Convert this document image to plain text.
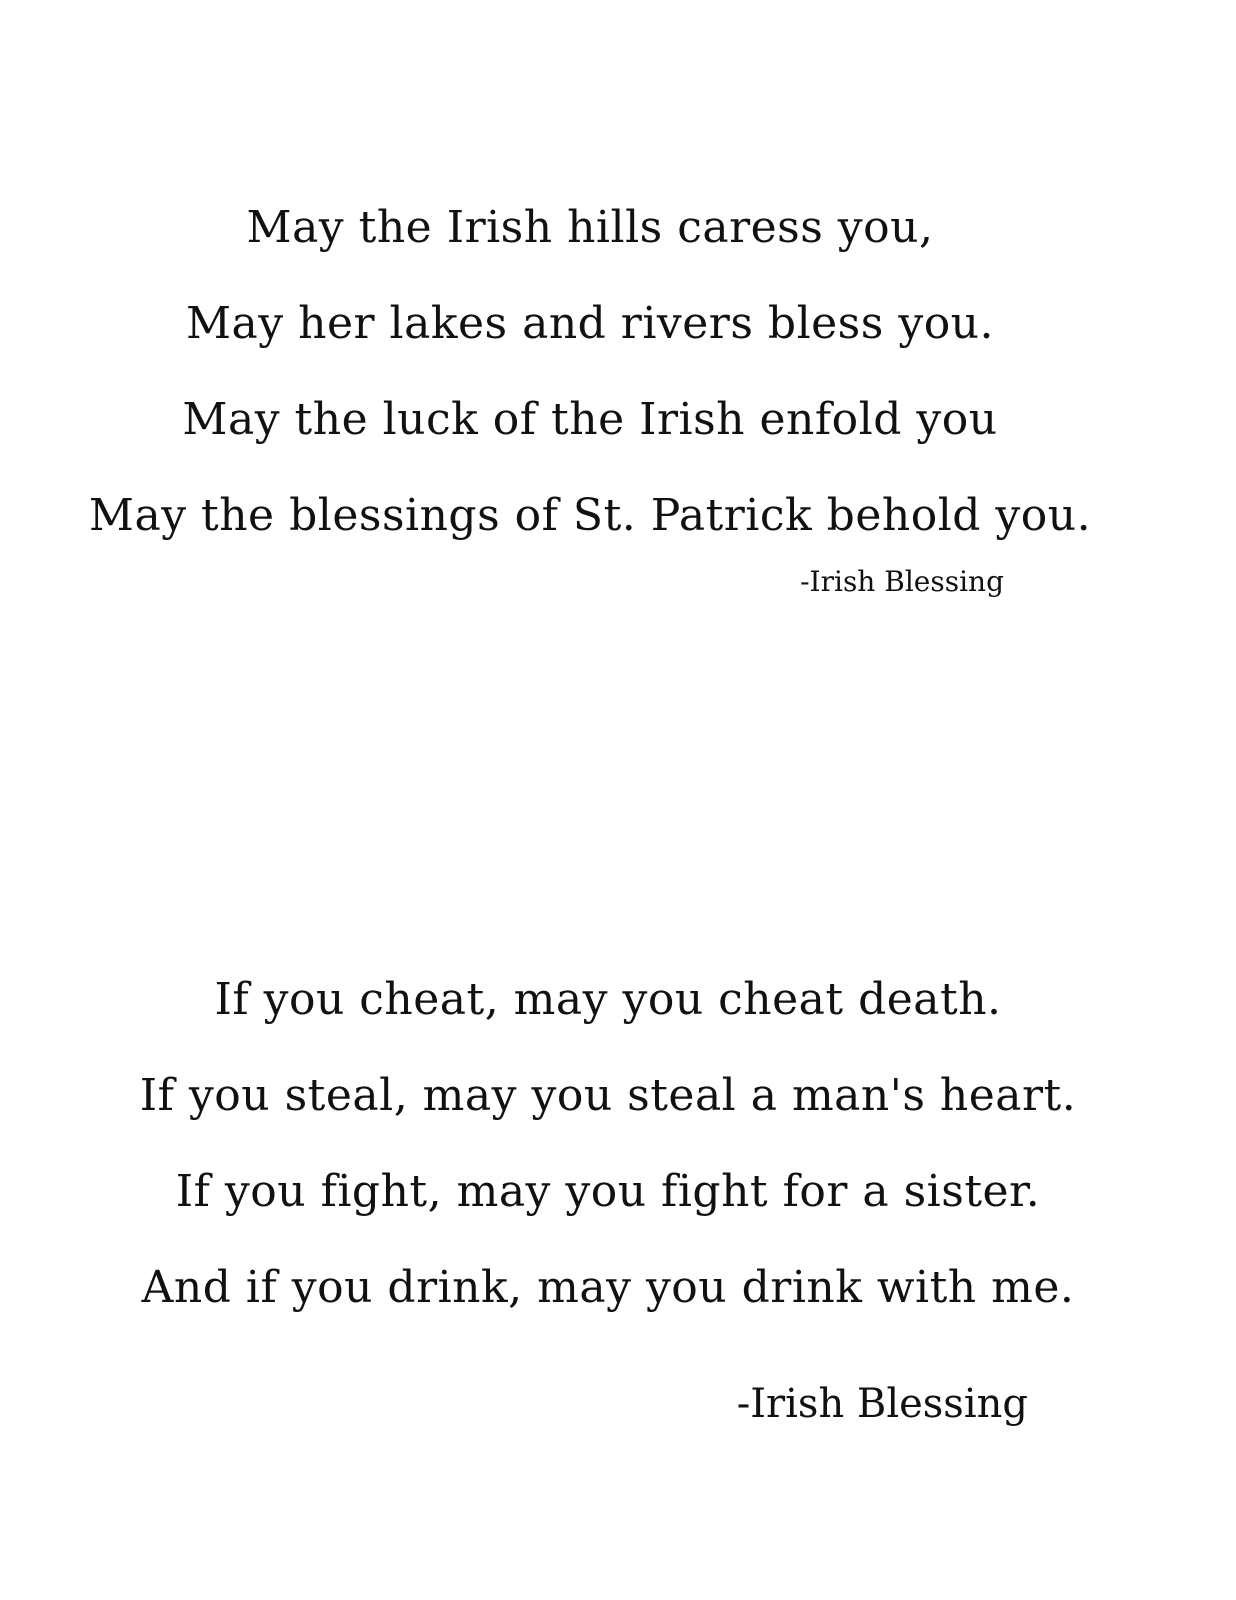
May the Irish hills caress you,
May her lakes and rivers bless you.
May the luck of the Irish enfold you
May the blessings of St. Patrick behold you.
-Irish Blessing
If you cheat, may you cheat death.
If you steal, may you steal a man's heart.
If you fight, may you fight for a sister.
And if you drink, may you drink with me.
-Irish Blessing
